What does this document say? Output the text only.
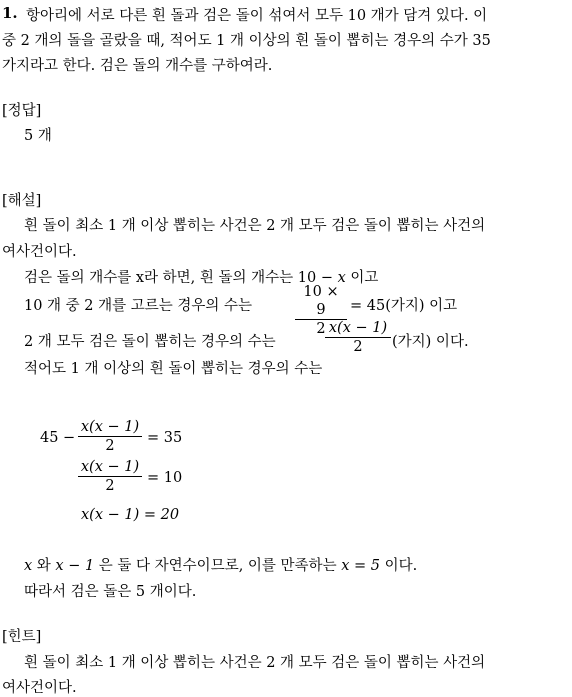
1. 항아리에 서로 다른 흰 돌과 검은 돌이 섞여서 모두 10 개가 담겨 있다. 이
중 2 개의 돌을 골랐을 때, 적어도 1 개 이상의 흰 돌이 뽑히는 경우의 수가 35
가지라고 한다. 검은 돌의 개수를 구하여라.
[정답]
5 개
[해설]
흰 돌이 최소 1 개 이상 뽑히는 사건은 2 개 모두 검은 돌이 뽑히는 사건의
여사건이다.
검은 돌의 개수를 x라 하면, 흰 돌의 개수는 10 − x 이고
10 개 중 2 개를 고르는 경우의 수는	$\frac{10 \times 9}{2} = 45$(가지) 이고
2 개 모두 검은 돌이 뽑히는 경우의 수는	$\frac{x(x - 1)}{2}$ (가지) 이다.
적어도 1 개 이상의 흰 돌이 뽑히는 경우의 수는
$45 - \frac{x(x - 1)}{2} = 35$
$\frac{x(x - 1)}{2} = 10$
x(x − 1) = 20
x 와 x − 1 은 둘 다 자연수이므로, 이를 만족하는 x = 5 이다.
따라서 검은 돌은 5 개이다.
[힌트]
흰 돌이 최소 1 개 이상 뽑히는 사건은 2 개 모두 검은 돌이 뽑히는 사건의
여사건이다.
